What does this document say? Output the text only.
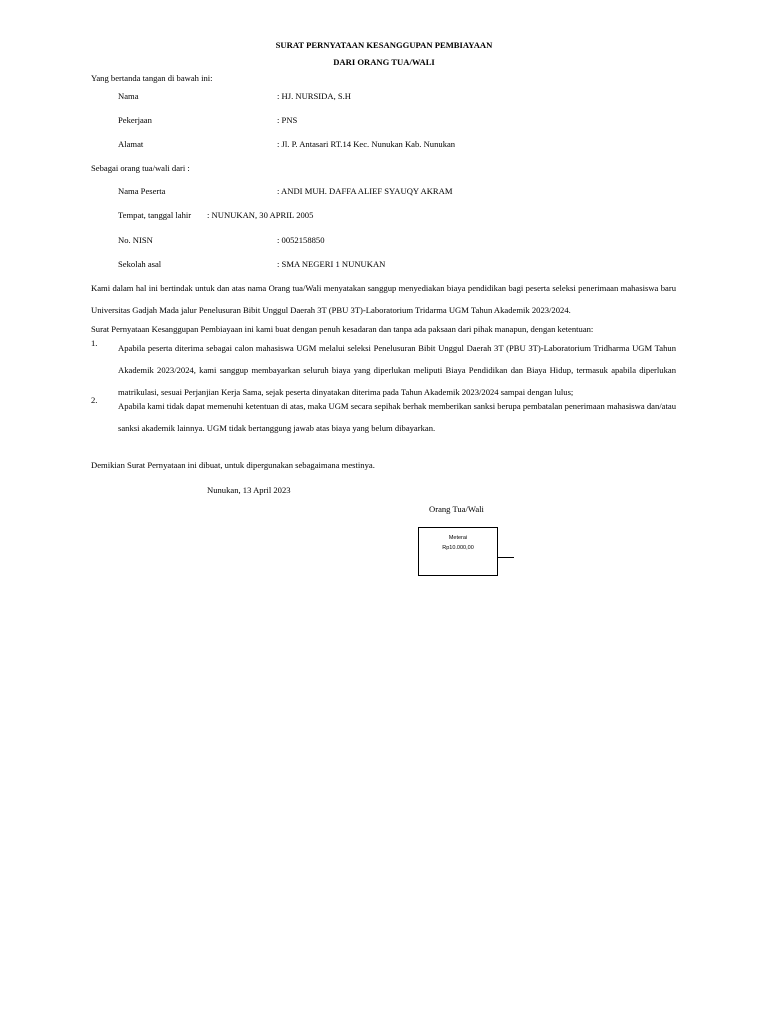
SURAT PERNYATAAN KESANGGUPAN PEMBIAYAAN
DARI ORANG TUA/WALI
Yang bertanda tangan di bawah ini:
Nama	: HJ. NURSIDA, S.H
Pekerjaan	: PNS
Alamat	: Jl. P. Antasari RT.14 Kec. Nunukan Kab. Nunukan
Sebagai orang tua/wali dari :
Nama Peserta	: ANDI MUH. DAFFA ALIEF SYAUQY AKRAM
Tempat, tanggal lahir : NUNUKAN, 30 APRIL 2005
No. NISN	: 0052158850
Sekolah asal	: SMA NEGERI 1 NUNUKAN
Kami dalam hal ini bertindak untuk dan atas nama Orang tua/Wali menyatakan sanggup menyediakan biaya pendidikan bagi peserta seleksi penerimaan mahasiswa baru Universitas Gadjah Mada jalur Penelusuran Bibit Unggul Daerah 3T (PBU 3T)-Laboratorium Tridarma UGM Tahun Akademik 2023/2024.
Surat Pernyataan Kesanggupan Pembiayaan ini kami buat dengan penuh kesadaran dan tanpa ada paksaan dari pihak manapun, dengan ketentuan:
1. Apabila peserta diterima sebagai calon mahasiswa UGM melalui seleksi Penelusuran Bibit Unggul Daerah 3T (PBU 3T)-Laboratorium Tridharma UGM Tahun Akademik 2023/2024, kami sanggup membayarkan seluruh biaya yang diperlukan meliputi Biaya Pendidikan dan Biaya Hidup, termasuk apabila diperlukan matrikulasi, sesuai Perjanjian Kerja Sama, sejak peserta dinyatakan diterima pada Tahun Akademik 2023/2024 sampai dengan lulus;
2.
Apabila kami tidak dapat memenuhi ketentuan di atas, maka UGM secara sepihak berhak memberikan sanksi berupa pembatalan penerimaan mahasiswa dan/atau sanksi akademik lainnya. UGM tidak bertanggung jawab atas biaya yang belum dibayarkan.
Demikian Surat Pernyataan ini dibuat, untuk dipergunakan sebagaimana mestinya.
Nunukan, 13 April 2023
Orang Tua/Wali
Meterai
Rp10.000,00
